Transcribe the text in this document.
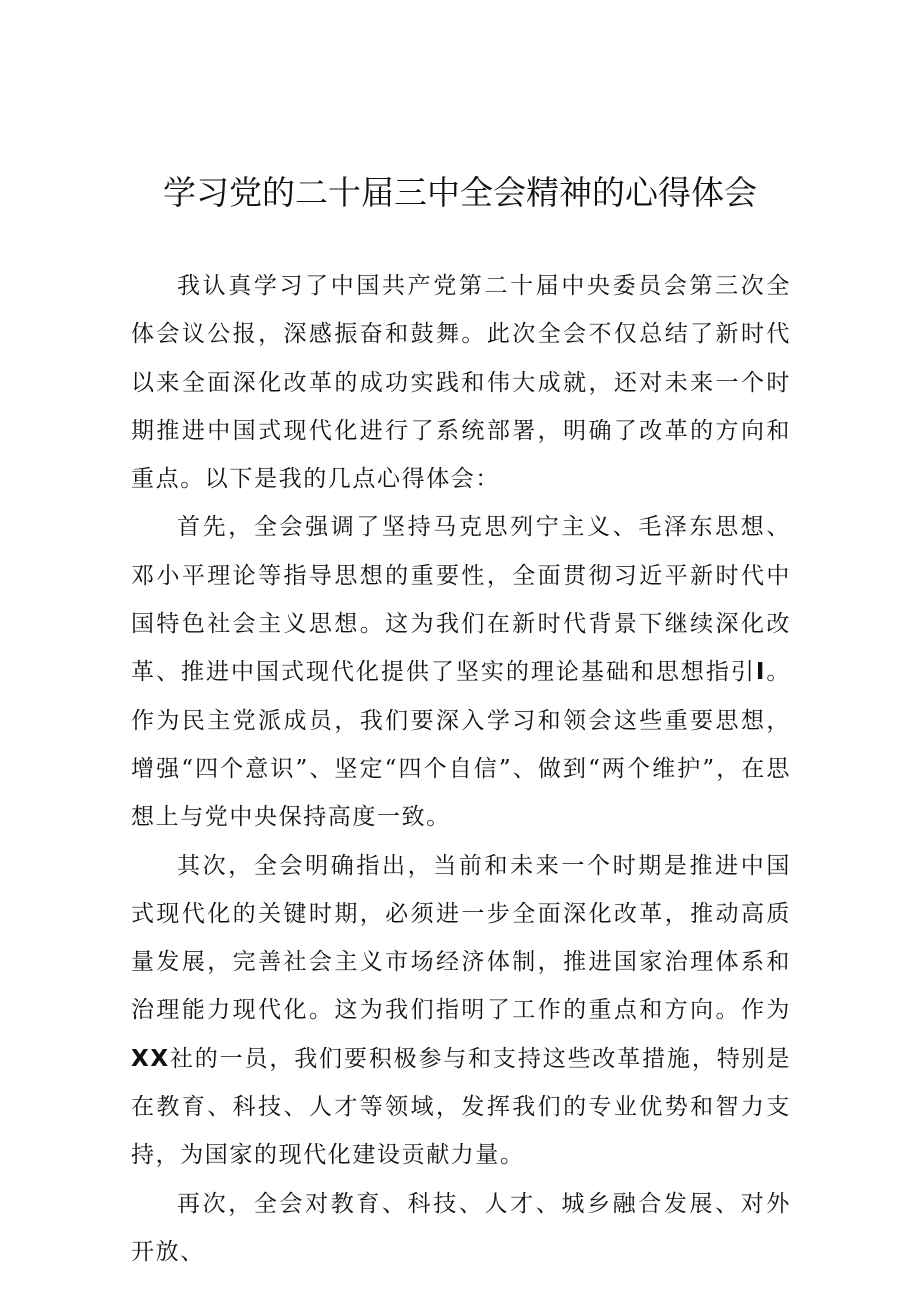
学习党的二十届三中全会精神的心得体会

我认真学习了中国共产党第二十届中央委员会第三次全体会议公报，深感振奋和鼓舞。此次全会不仅总结了新时代以来全面深化改革的成功实践和伟大成就，还对未来一个时期推进中国式现代化进行了系统部署，明确了改革的方向和重点。以下是我的几点心得体会：

首先，全会强调了坚持马克思列宁主义、毛泽东思想、邓小平理论等指导思想的重要性，全面贯彻习近平新时代中国特色社会主义思想。这为我们在新时代背景下继续深化改革、推进中国式现代化提供了坚实的理论基础和思想指引I。作为民主党派成员，我们要深入学习和领会这些重要思想，增强“四个意识”、坚定“四个自信”、做到“两个维护”，在思想上与党中央保持高度一致。

其次，全会明确指出，当前和未来一个时期是推进中国式现代化的关键时期，必须进一步全面深化改革，推动高质量发展，完善社会主义市场经济体制，推进国家治理体系和治理能力现代化。这为我们指明了工作的重点和方向。作为XX社的一员，我们要积极参与和支持这些改革措施，特别是在教育、科技、人才等领域，发挥我们的专业优势和智力支持，为国家的现代化建设贡献力量。

再次，全会对教育、科技、人才、城乡融合发展、对外开放、
